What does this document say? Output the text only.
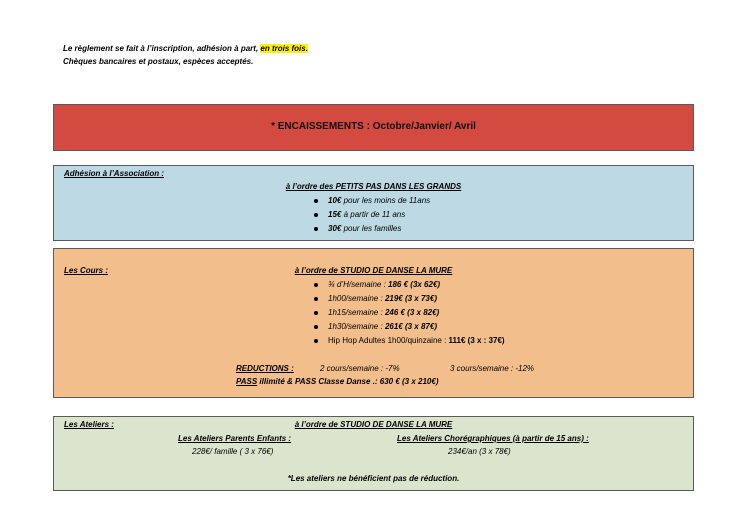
Le règlement se fait à l’inscription, adhésion à part, en trois fois.
Chèques bancaires et postaux, espèces acceptés.
* ENCAISSEMENTS : Octobre/Janvier/ Avril
Adhésion à l’Association :
à l’ordre des PETITS PAS DANS LES GRANDS
10€ pour les moins de 11ans
15€ à partir de 11 ans
30€ pour les familles
Les Cours :	à l’ordre de STUDIO DE DANSE LA MURE
¾ d’H/semaine : 186 € (3x 62€)
1h00/semaine : 219€ (3 x 73€)
1h15/semaine : 246 € (3 x 82€)
1h30/semaine : 261€ (3 x 87€)
Hip Hop Adultes 1h00/quinzaine : 111€ (3 x : 37€)
REDUCTIONS :	2 cours/semaine : -7%	3 cours/semaine : -12%
PASS illimité & PASS Classe Danse .: 630 € (3 x 210€)
Les Ateliers :	à l’ordre de STUDIO DE DANSE LA MURE
Les Ateliers Parents Enfants :
228€/ famille ( 3 x 76€)
Les Ateliers Chorégraphiques (à partir de 15 ans) :
234€/an (3 x 78€)
*Les ateliers ne bénéficient pas de réduction.
